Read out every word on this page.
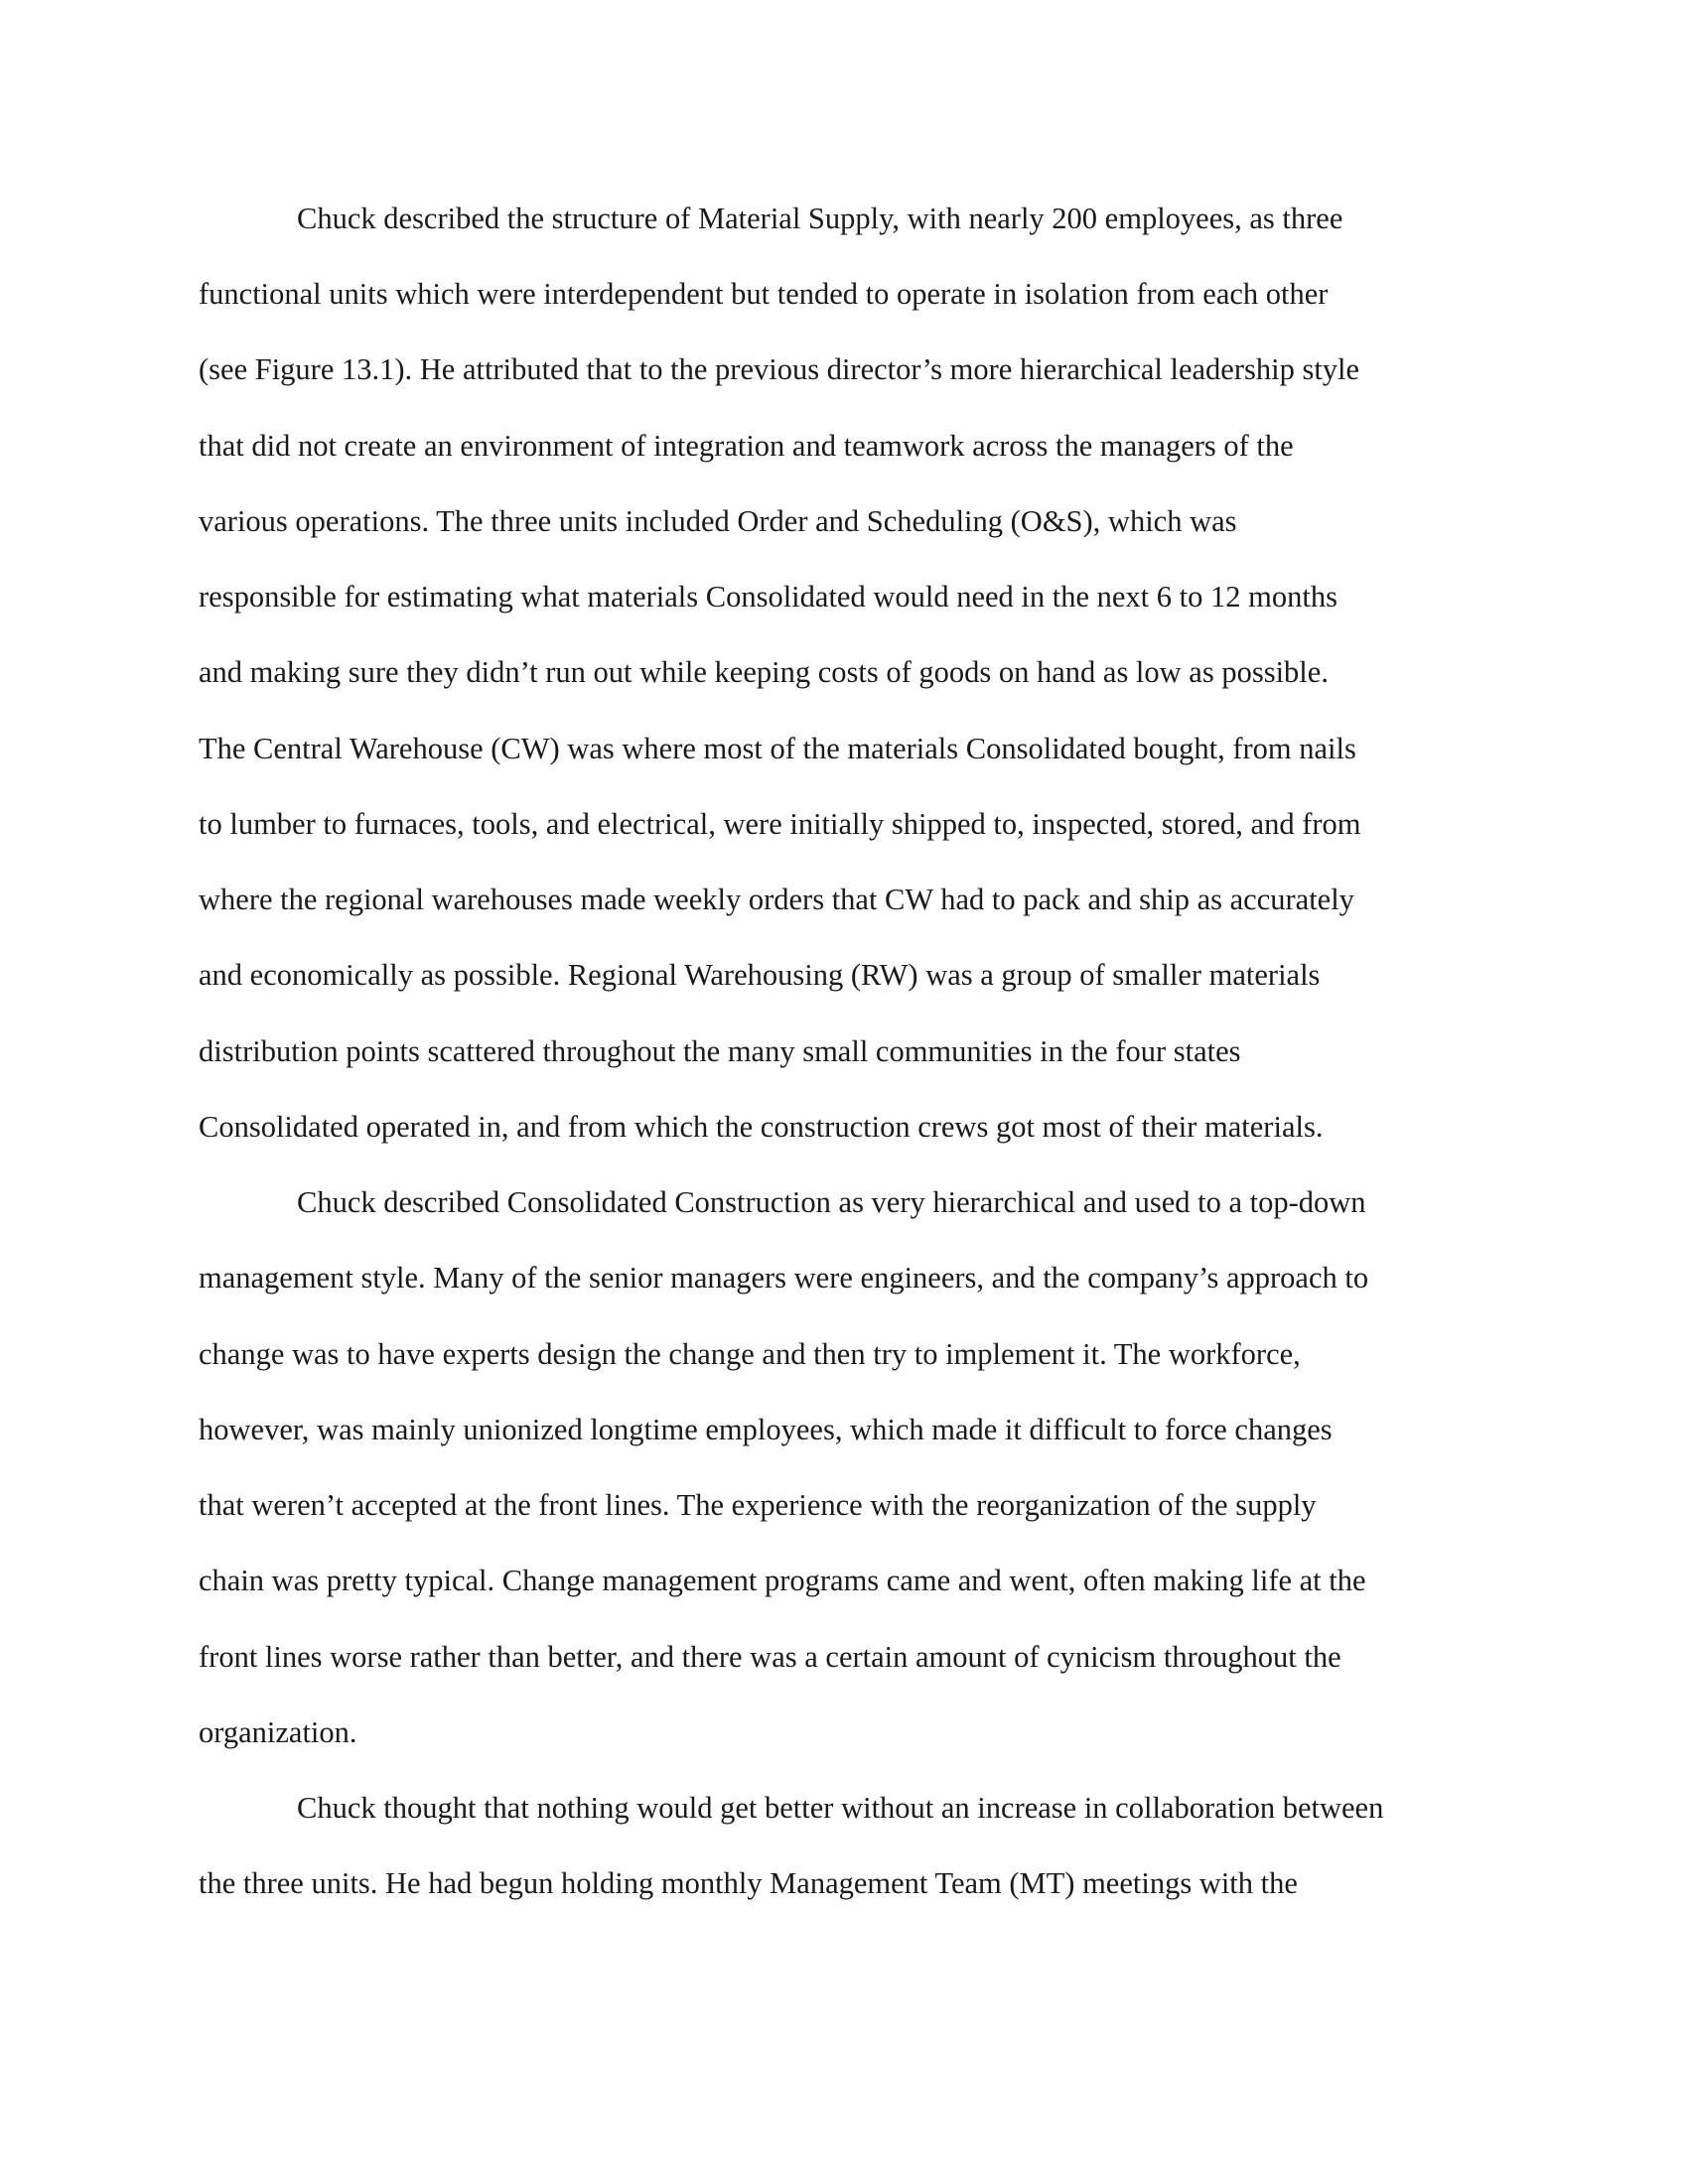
Chuck described the structure of Material Supply, with nearly 200 employees, as three

functional units which were interdependent but tended to operate in isolation from each other

(see Figure 13.1). He attributed that to the previous director’s more hierarchical leadership style

that did not create an environment of integration and teamwork across the managers of the

various operations. The three units included Order and Scheduling (O&S), which was

responsible for estimating what materials Consolidated would need in the next 6 to 12 months

and making sure they didn’t run out while keeping costs of goods on hand as low as possible.

The Central Warehouse (CW) was where most of the materials Consolidated bought, from nails

to lumber to furnaces, tools, and electrical, were initially shipped to, inspected, stored, and from

where the regional warehouses made weekly orders that CW had to pack and ship as accurately

and economically as possible. Regional Warehousing (RW) was a group of smaller materials

distribution points scattered throughout the many small communities in the four states

Consolidated operated in, and from which the construction crews got most of their materials.

Chuck described Consolidated Construction as very hierarchical and used to a top-down

management style. Many of the senior managers were engineers, and the company’s approach to

change was to have experts design the change and then try to implement it. The workforce,

however, was mainly unionized longtime employees, which made it difficult to force changes

that weren’t accepted at the front lines. The experience with the reorganization of the supply

chain was pretty typical. Change management programs came and went, often making life at the

front lines worse rather than better, and there was a certain amount of cynicism throughout the

organization.

Chuck thought that nothing would get better without an increase in collaboration between

the three units. He had begun holding monthly Management Team (MT) meetings with the
